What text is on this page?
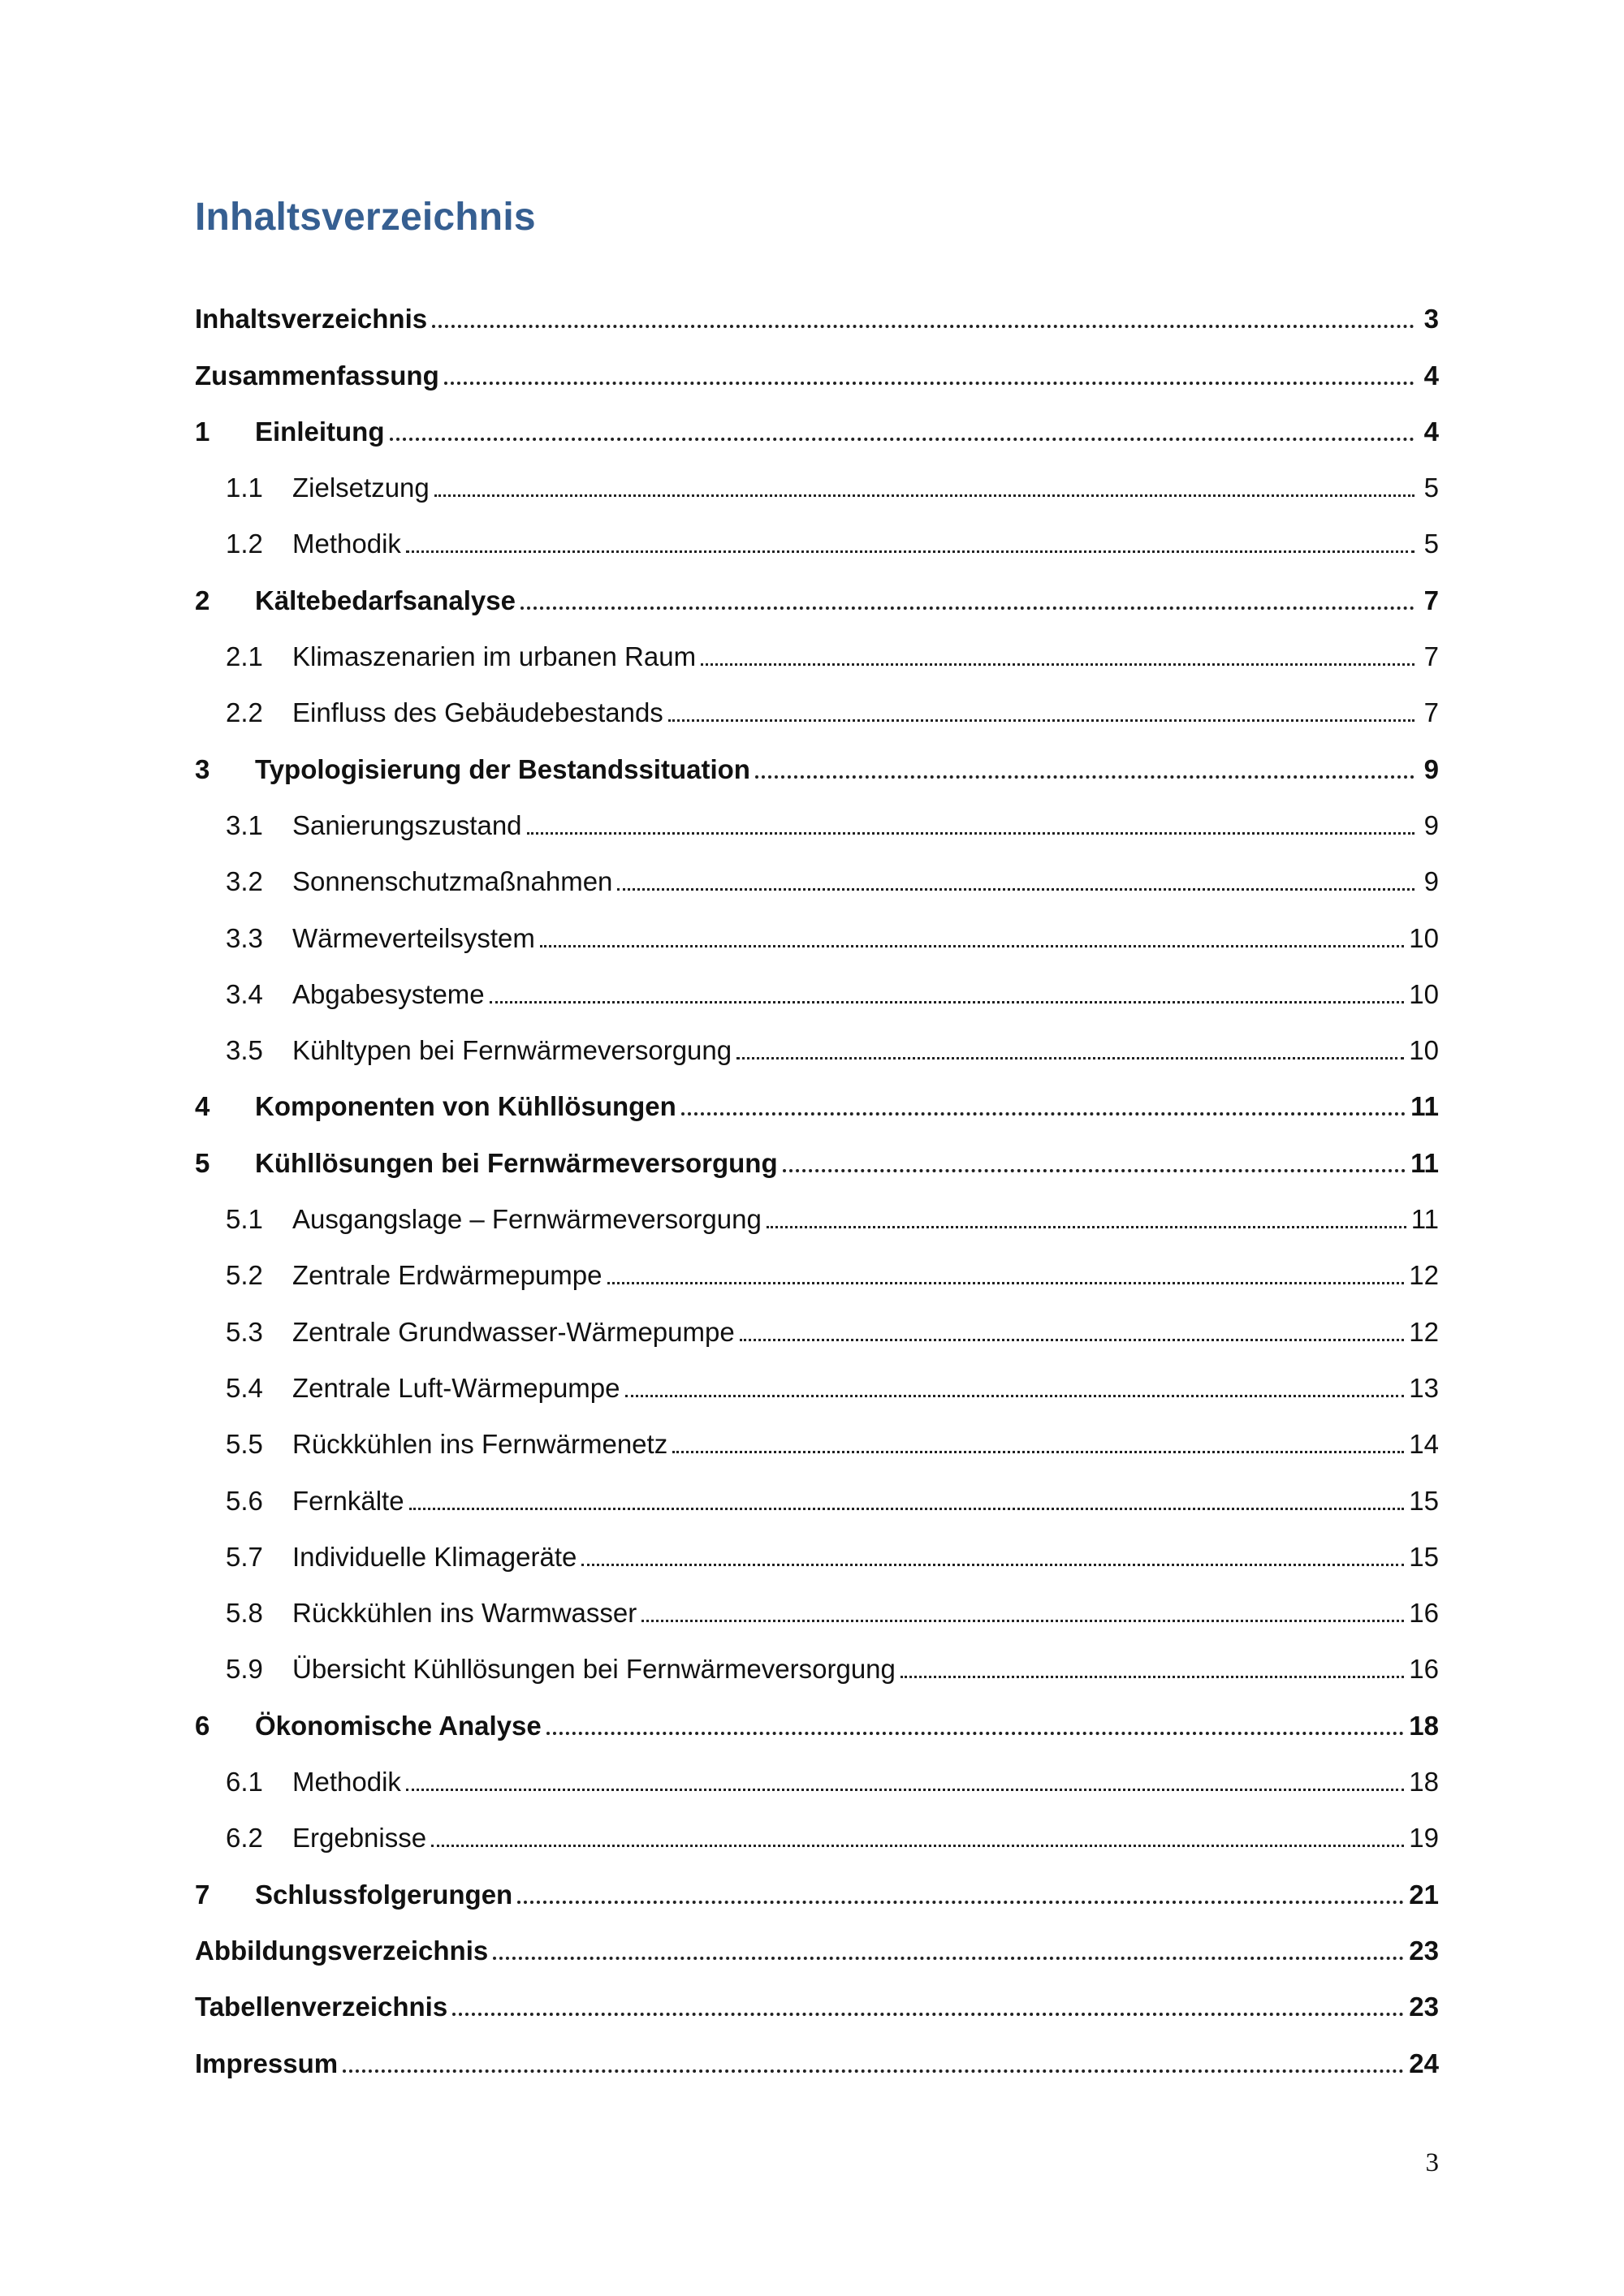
Inhaltsverzeichnis
Inhaltsverzeichnis	3
Zusammenfassung	4
1	Einleitung	4
1.1	Zielsetzung	5
1.2	Methodik	5
2	Kältebedarfsanalyse	7
2.1	Klimaszenarien im urbanen Raum	7
2.2	Einfluss des Gebäudebestands	7
3	Typologisierung der Bestandssituation	9
3.1	Sanierungszustand	9
3.2	Sonnenschutzmaßnahmen	9
3.3	Wärmeverteilsystem	10
3.4	Abgabesysteme	10
3.5	Kühltypen bei Fernwärmeversorgung	10
4	Komponenten von Kühllösungen	11
5	Kühllösungen bei Fernwärmeversorgung	11
5.1	Ausgangslage – Fernwärmeversorgung	11
5.2	Zentrale Erdwärmepumpe	12
5.3	Zentrale Grundwasser-Wärmepumpe	12
5.4	Zentrale Luft-Wärmepumpe	13
5.5	Rückkühlen ins Fernwärmenetz	14
5.6	Fernkälte	15
5.7	Individuelle Klimageräte	15
5.8	Rückkühlen ins Warmwasser	16
5.9	Übersicht Kühllösungen bei Fernwärmeversorgung	16
6	Ökonomische Analyse	18
6.1	Methodik	18
6.2	Ergebnisse	19
7	Schlussfolgerungen	21
Abbildungsverzeichnis	23
Tabellenverzeichnis	23
Impressum	24
3
